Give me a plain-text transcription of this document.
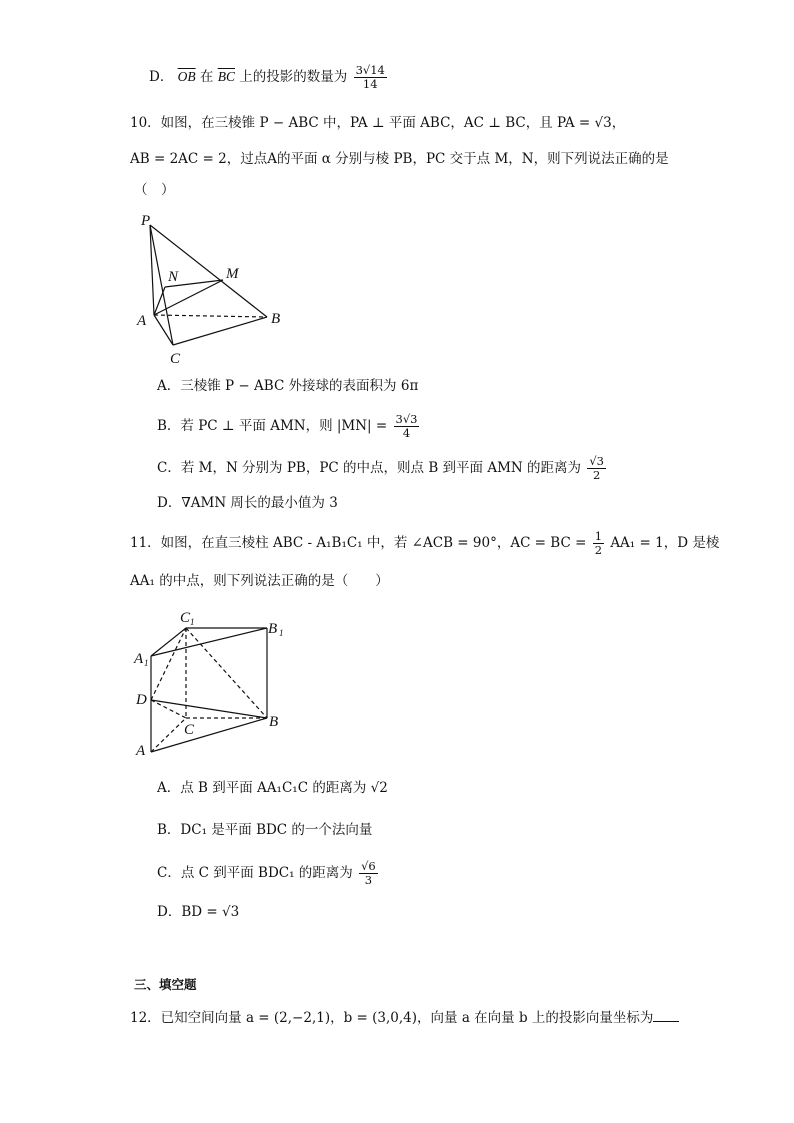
D． $\overline{OB}$ 在 $\overline{BC}$ 上的投影的数量为 $\frac{3√14}{14}$
10．如图，在三棱锥 P − ABC 中，PA ⊥ 平面 ABC，AC ⊥ BC，且 PA = √3，
AB = 2AC = 2，过点A的平面 α 分别与棱 PB，PC 交于点 M，N，则下列说法正确的是
（　）
P
N	M
A	B
C
A．三棱锥 P − ABC 外接球的表面积为 6π
B．若 PC ⊥ 平面 AMN，则 $|MN| = \frac{3√3}{4}$
C．若 M，N 分别为 PB，PC 的中点，则点 B 到平面 AMN 的距离为 $\frac{√3}{2}$
D．∇AMN 周长的最小值为 3
11．如图，在直三棱柱 ABC - A₁B₁C₁ 中，若 ∠ACB = 90°，AC = BC = $\frac{1}{2} AA_1 = 1$，D 是棱
AA₁ 的中点，则下列说法正确的是（　　）
C 1	B 1
A 1
D
C	B
A
A．点 B 到平面 AA₁C₁C 的距离为 √2
B．DC₁ 是平面 BDC 的一个法向量
C．点 C 到平面 BDC₁ 的距离为 $\frac{√6}{3}$
D．BD = √3
三、填空题
12．已知空间向量 a = (2,−2,1)，b = (3,0,4)，向量 a 在向量 b 上的投影向量坐标为
